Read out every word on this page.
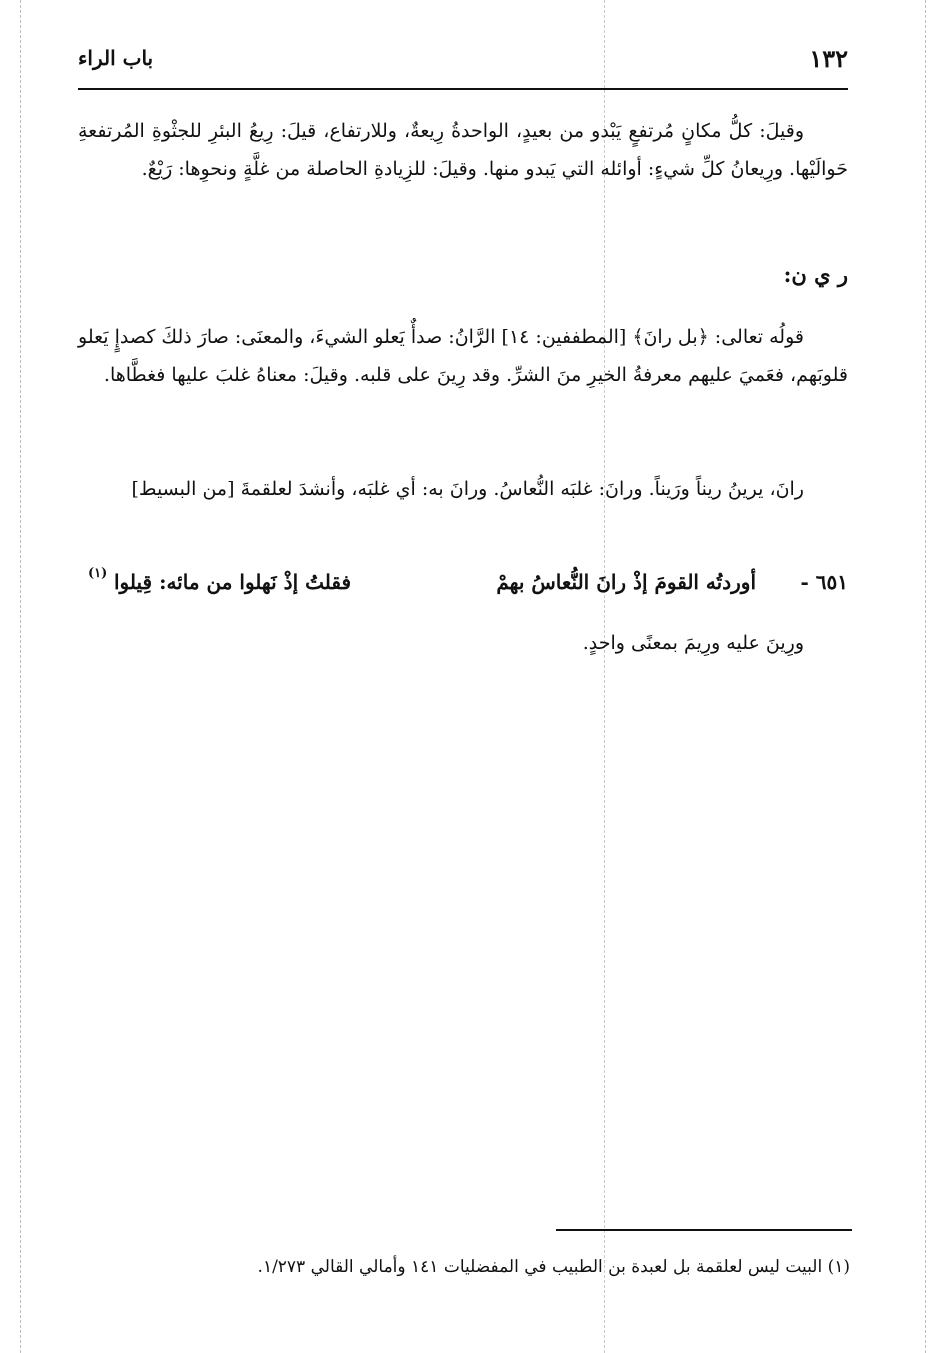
١٣٢
باب الراء

وقيلَ: كلُّ مكانٍ مُرتفعٍ يَبْدو من بعيدٍ، الواحدةُ رِيعةٌ، وللارتفاع، قيلَ: رِيعُ البئرِ للجثْوةِ المُرتفعةِ حَوالَيْها. ورِيعانُ كلِّ شيءٍ: أوائله التي يَبدو منها. وقيلَ: للزِيادةِ الحاصلة من غلَّةٍ ونحوِها: رَيْعٌ.

ر ي ن:

قولُه تعالى: ﴿بل رانَ﴾ [المطففين: ١٤] الرَّانُ: صدأٌ يَعلو الشيءَ، والمعنَى: صارَ ذلكَ كصدإٍ يَعلو قلوبَهم، فعَميَ عليهم معرفةُ الخيرِ منَ الشرِّ. وقد رِينَ على قلبه. وقيلَ: معناهُ غلبَ عليها فغطَّاها.

رانَ، يرينُ ريناً ورَيناً. ورانَ: غلبَه النُّعاسُ. ورانَ به: أي غلبَه، وأنشدَ لعلقمةَ [من البسيط]

٦٥١ -
أوردتُه القومَ إذْ رانَ النُّعاسُ بهمْ
فقلتُ إذْ نَهلوا من مائه: قِيلوا
(١)

ورِينَ عليه ورِيمَ بمعنًى واحدٍ.

(١) البيت ليس لعلقمة بل لعبدة بن الطبيب في المفضليات ١٤١ وأمالي القالي ١/٢٧٣.
